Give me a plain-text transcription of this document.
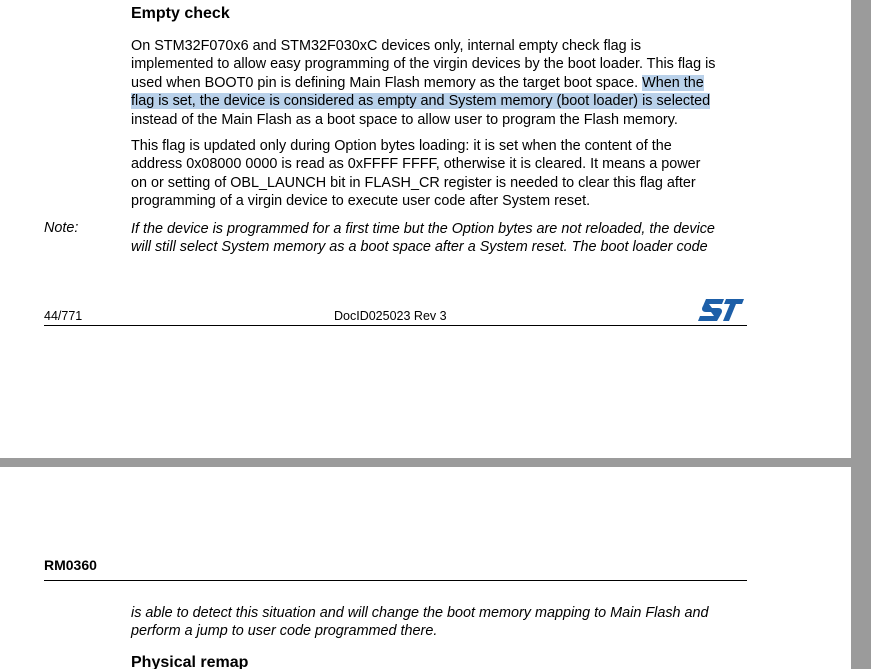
Empty check
On STM32F070x6 and STM32F030xC devices only, internal empty check flag is
implemented to allow easy programming of the virgin devices by the boot loader. This flag is
used when BOOT0 pin is defining Main Flash memory as the target boot space. When the
flag is set, the device is considered as empty and System memory (boot loader) is selected
instead of the Main Flash as a boot space to allow user to program the Flash memory.
This flag is updated only during Option bytes loading: it is set when the content of the
address 0x08000 0000 is read as 0xFFFF FFFF, otherwise it is cleared. It means a power
on or setting of OBL_LAUNCH bit in FLASH_CR register is needed to clear this flag after
programming of a virgin device to execute user code after System reset.
Note:	If the device is programmed for a first time but the Option bytes are not reloaded, the device
will still select System memory as a boot space after a System reset. The boot loader code
44/771	DocID025023 Rev 3
RM0360
is able to detect this situation and will change the boot memory mapping to Main Flash and
perform a jump to user code programmed there.
Physical remap
